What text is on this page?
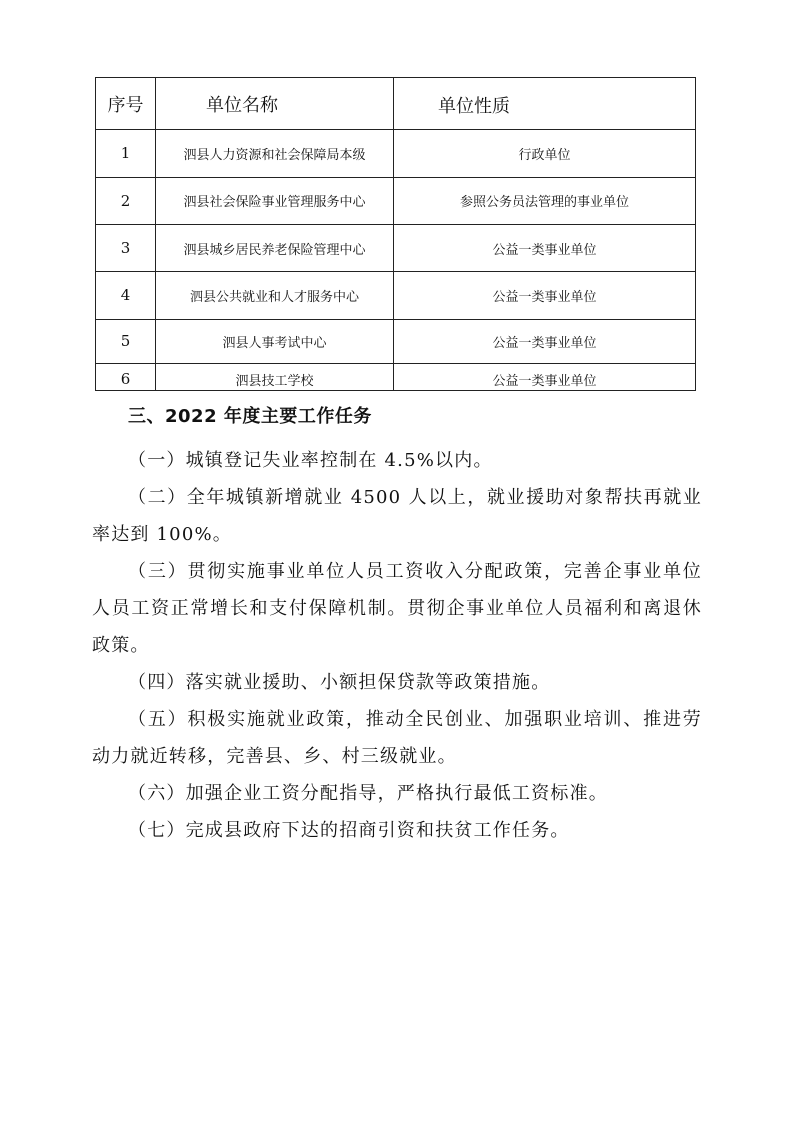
序号	单位名称	单位性质
1	泗县人力资源和社会保障局本级	行政单位
2	泗县社会保险事业管理服务中心	参照公务员法管理的事业单位
3	泗县城乡居民养老保险管理中心	公益一类事业单位
4	泗县公共就业和人才服务中心	公益一类事业单位
5	泗县人事考试中心	公益一类事业单位
6	泗县技工学校	公益一类事业单位
三、2022 年度主要工作任务

（一）城镇登记失业率控制在 4.5%以内。

（二）全年城镇新增就业 4500 人以上，就业援助对象帮扶再就业率达到 100%。

（三）贯彻实施事业单位人员工资收入分配政策，完善企事业单位人员工资正常增长和支付保障机制。贯彻企事业单位人员福利和离退休政策。

（四）落实就业援助、小额担保贷款等政策措施。

（五）积极实施就业政策，推动全民创业、加强职业培训、推进劳动力就近转移，完善县、乡、村三级就业。

（六）加强企业工资分配指导，严格执行最低工资标准。

（七）完成县政府下达的招商引资和扶贫工作任务。
